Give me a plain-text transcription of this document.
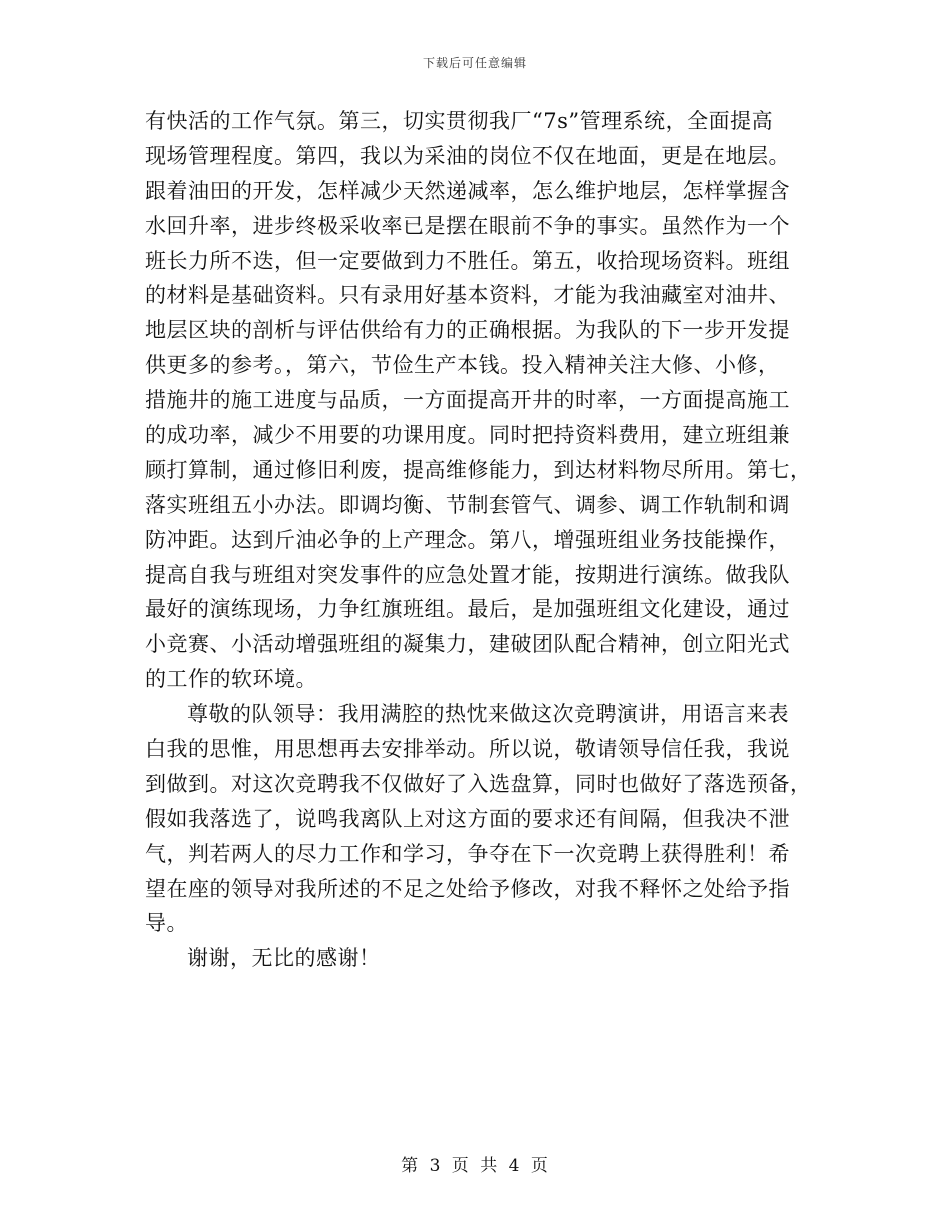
下载后可任意编辑
有快活的工作气氛。第三，切实贯彻我厂“7s”管理系统，全面提高
现场管理程度。第四，我以为采油的岗位不仅在地面，更是在地层。
跟着油田的开发，怎样减少天然递减率，怎么维护地层，怎样掌握含
水回升率，进步终极采收率已是摆在眼前不争的事实。虽然作为一个
班长力所不迭，但一定要做到力不胜任。第五，收拾现场资料。班组
的材料是基础资料。只有录用好基本资料，才能为我油藏室对油井、
地层区块的剖析与评估供给有力的正确根据。为我队的下一步开发提
供更多的参考。，第六，节俭生产本钱。投入精神关注大修、小修，
措施井的施工进度与品质，一方面提高开井的时率，一方面提高施工
的成功率，减少不用要的功课用度。同时把持资料费用，建立班组兼
顾打算制，通过修旧利废，提高维修能力，到达材料物尽所用。第七，
落实班组五小办法。即调均衡、节制套管气、调参、调工作轨制和调
防冲距。达到斤油必争的上产理念。第八，增强班组业务技能操作，
提高自我与班组对突发事件的应急处置才能，按期进行演练。做我队
最好的演练现场，力争红旗班组。最后，是加强班组文化建设，通过
小竞赛、小活动增强班组的凝集力，建破团队配合精神，创立阳光式
的工作的软环境。
尊敬的队领导：我用满腔的热忱来做这次竞聘演讲，用语言来表
白我的思惟，用思想再去安排举动。所以说，敬请领导信任我，我说
到做到。对这次竞聘我不仅做好了入选盘算，同时也做好了落选预备，
假如我落选了，说鸣我离队上对这方面的要求还有间隔，但我决不泄
气，判若两人的尽力工作和学习，争夺在下一次竞聘上获得胜利！希
望在座的领导对我所述的不足之处给予修改，对我不释怀之处给予指
导。
谢谢，无比的感谢！
第 3 页 共 4 页
